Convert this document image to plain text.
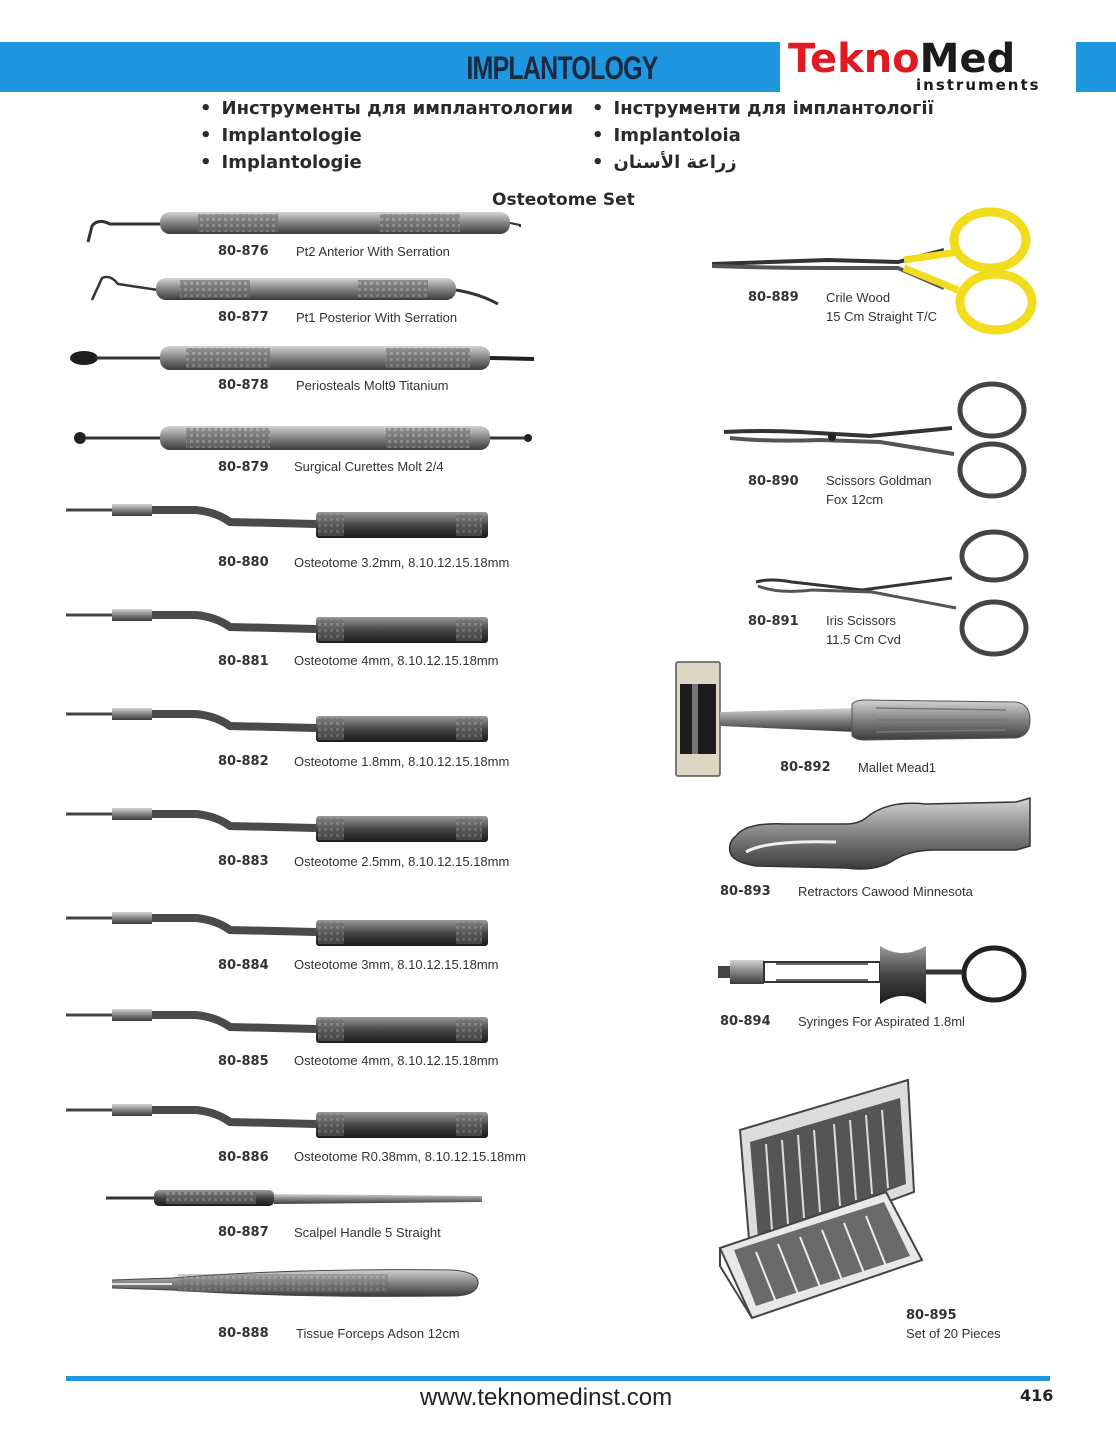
IMPLANTOLOGY	TeknoMed
instruments
• Инструменты для имплантологии
• Implantologie
• Implantologie
• Інструменти для імплантології
• Implantoloia
• زراعة الأسنان
Osteotome Set
80-876 Pt2 Anterior With Serration
80-877 Pt1 Posterior With Serration
80-878 Periosteals Molt9 Titanium
80-879 Surgical Curettes Molt 2/4
80-880 Osteotome 3.2mm, 8.10.12.15.18mm
80-881 Osteotome 4mm, 8.10.12.15.18mm
80-882 Osteotome 1.8mm, 8.10.12.15.18mm
80-883 Osteotome 2.5mm, 8.10.12.15.18mm
80-884 Osteotome 3mm, 8.10.12.15.18mm
80-885 Osteotome 4mm, 8.10.12.15.18mm
80-886 Osteotome R0.38mm, 8.10.12.15.18mm
80-887 Scalpel Handle 5 Straight
80-888 Tissue Forceps Adson 12cm
80-889 Crile Wood
15 Cm Straight T/C
80-890 Scissors Goldman
Fox 12cm
80-891 Iris Scissors
11.5 Cm Cvd
80-892 Mallet Mead1
80-893 Retractors Cawood Minnesota
80-894 Syringes For Aspirated 1.8ml
80-895
Set of 20 Pieces
www.teknomedinst.com	416
